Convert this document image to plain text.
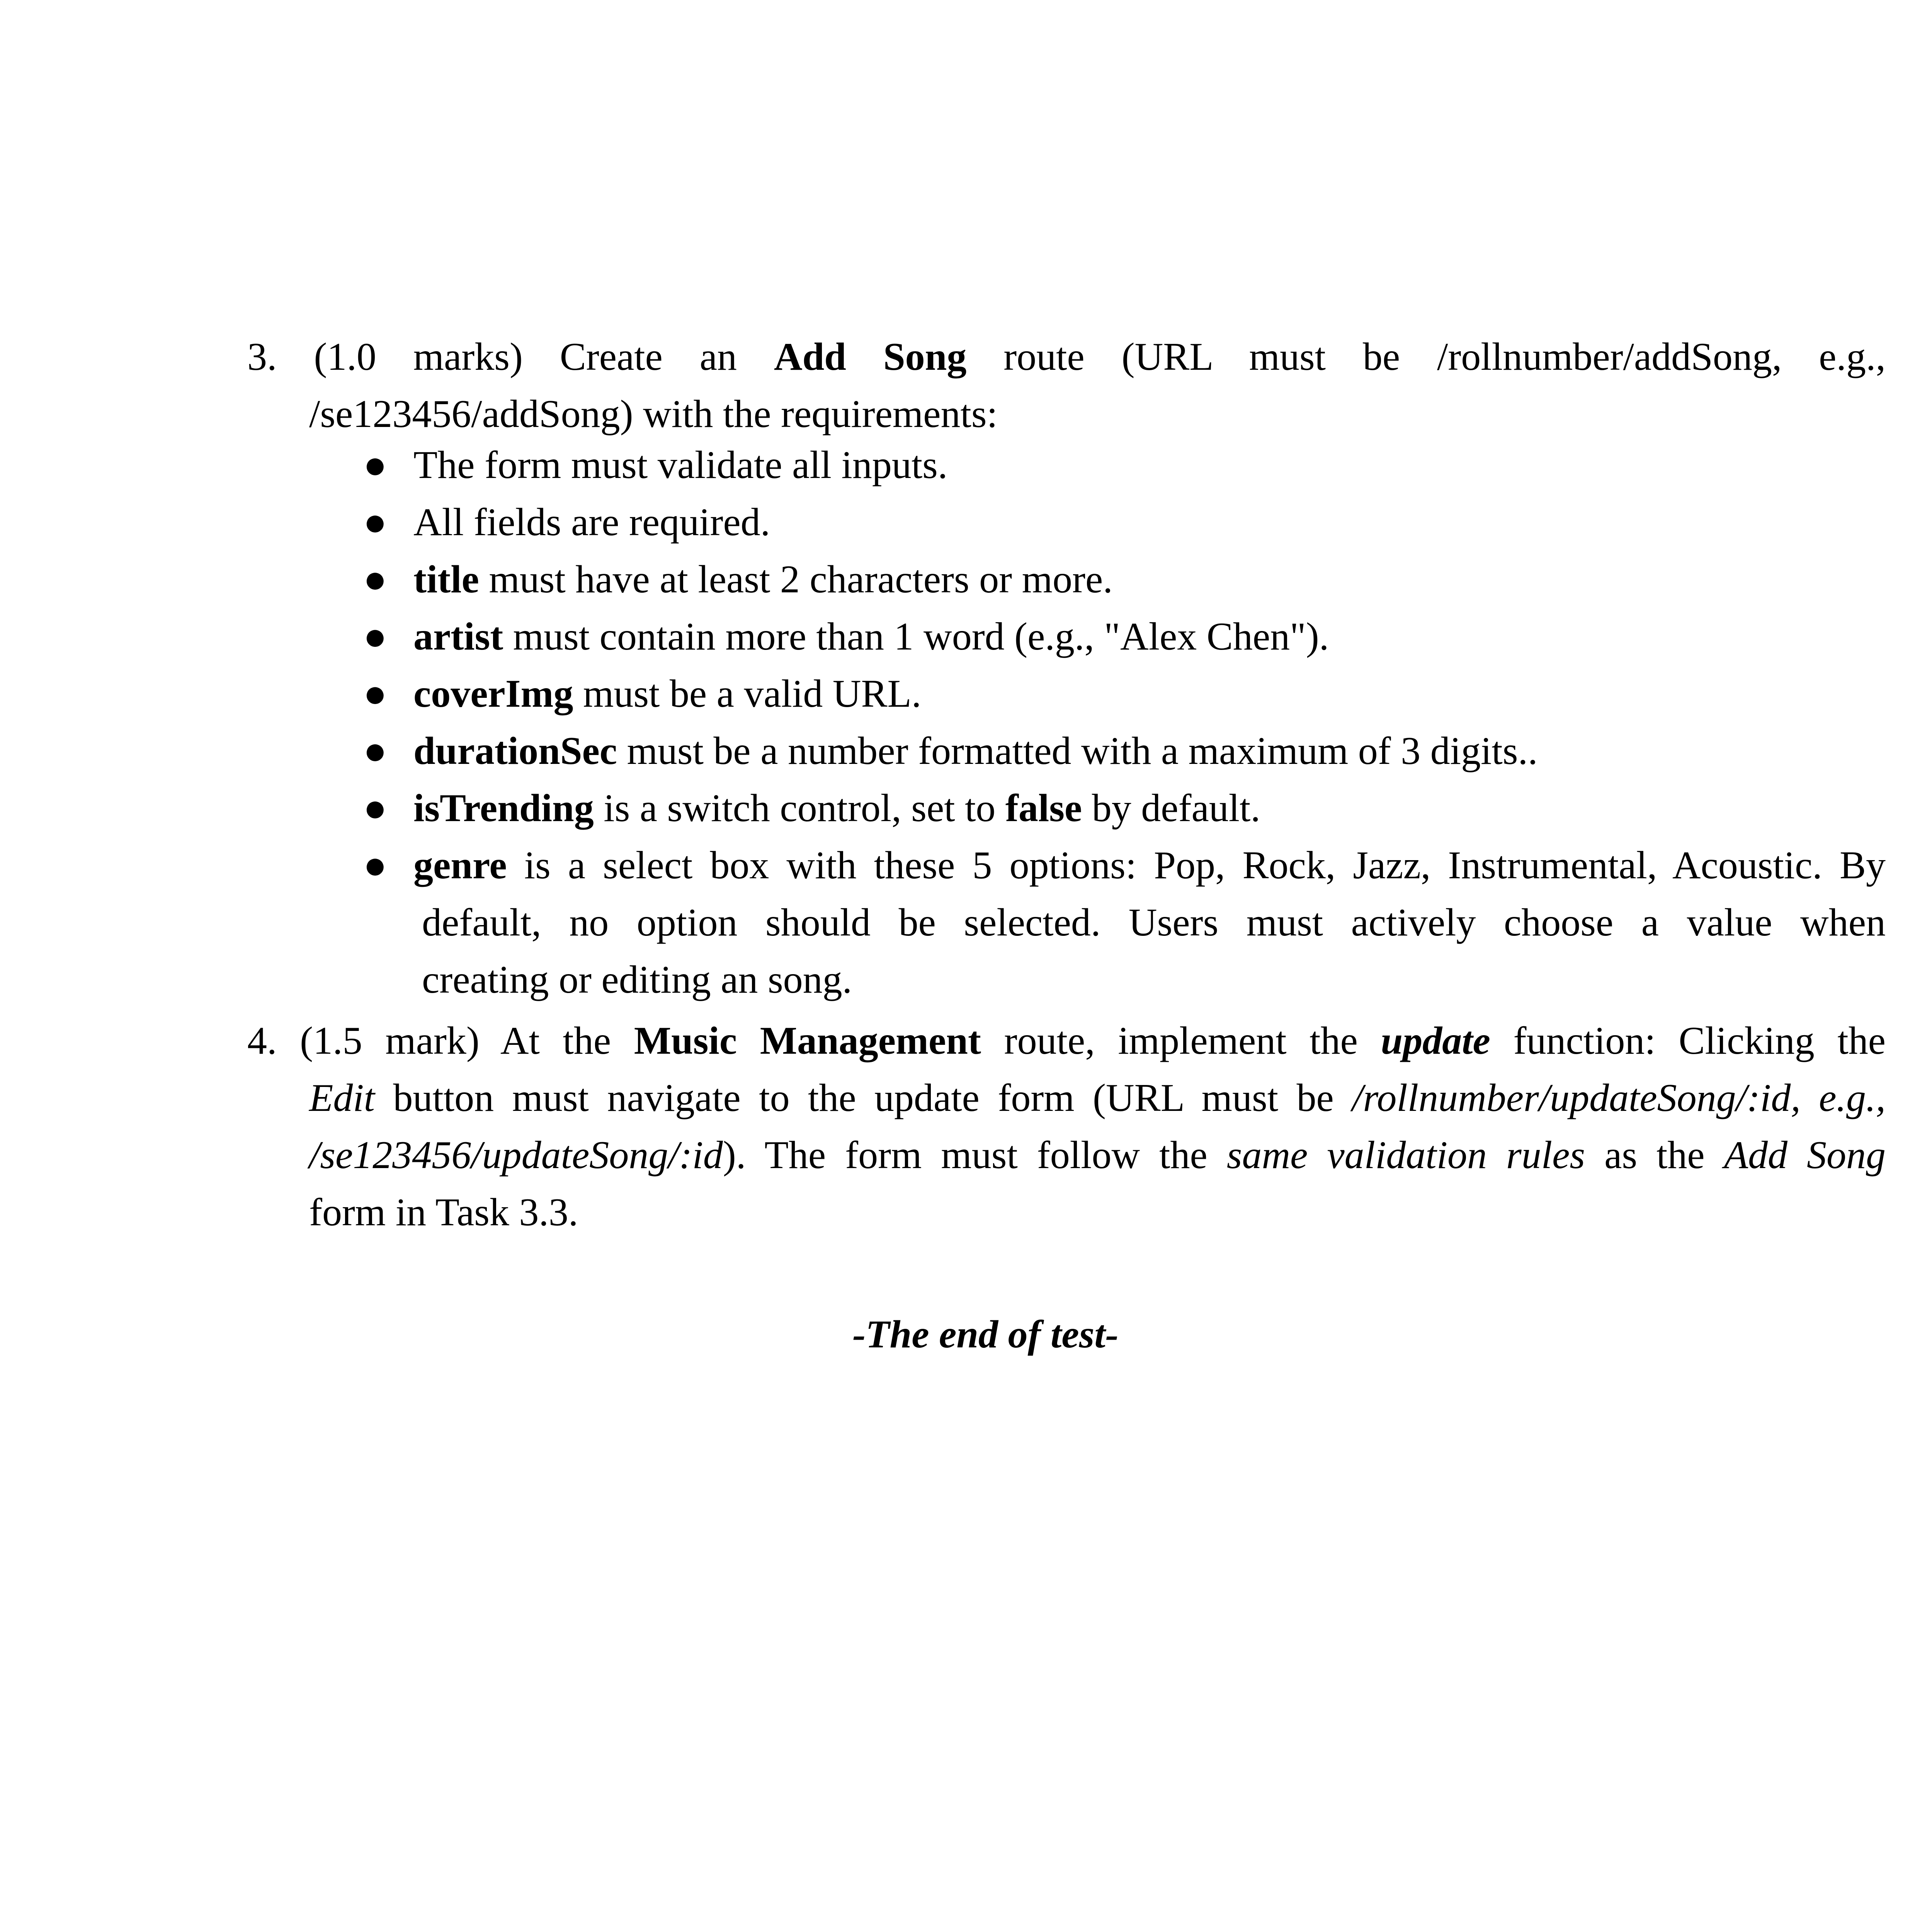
3. (1.0 marks) Create an Add Song route (URL must be /rollnumber/addSong, e.g.,
/se123456/addSong) with the requirements:
● The form must validate all inputs.
● All fields are required.
● title must have at least 2 characters or more.
● artist must contain more than 1 word (e.g., "Alex Chen").
● coverImg must be a valid URL.
● durationSec must be a number formatted with a maximum of 3 digits..
● isTrending is a switch control, set to false by default.
● genre is a select box with these 5 options: Pop, Rock, Jazz, Instrumental, Acoustic. By
default, no option should be selected. Users must actively choose a value when
creating or editing an song.
4. (1.5 mark) At the Music Management route, implement the update function: Clicking the
Edit button must navigate to the update form (URL must be /rollnumber/updateSong/:id, e.g.,
/se123456/updateSong/:id). The form must follow the same validation rules as the Add Song
form in Task 3.3.
-The end of test-
